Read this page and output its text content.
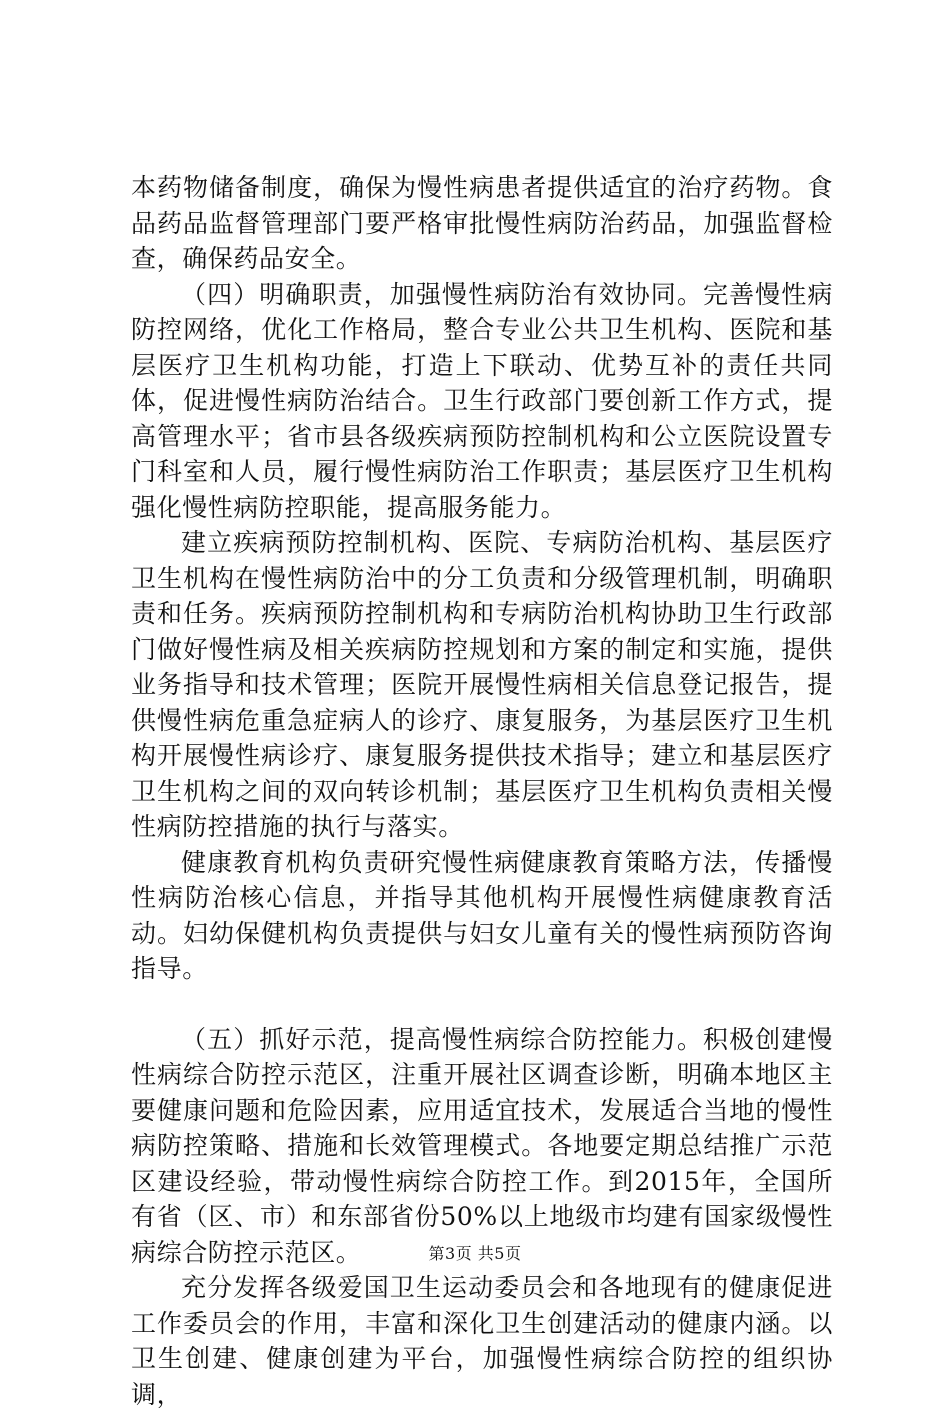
本药物储备制度，确保为慢性病患者提供适宜的治疗药物。食品药品监督管理部门要严格审批慢性病防治药品，加强监督检查，确保药品安全。

（四）明确职责，加强慢性病防治有效协同。完善慢性病防控网络，优化工作格局，整合专业公共卫生机构、医院和基层医疗卫生机构功能，打造上下联动、优势互补的责任共同体，促进慢性病防治结合。卫生行政部门要创新工作方式，提高管理水平；省市县各级疾病预防控制机构和公立医院设置专门科室和人员，履行慢性病防治工作职责；基层医疗卫生机构强化慢性病防控职能，提高服务能力。

建立疾病预防控制机构、医院、专病防治机构、基层医疗卫生机构在慢性病防治中的分工负责和分级管理机制，明确职责和任务。疾病预防控制机构和专病防治机构协助卫生行政部门做好慢性病及相关疾病防控规划和方案的制定和实施，提供业务指导和技术管理；医院开展慢性病相关信息登记报告，提供慢性病危重急症病人的诊疗、康复服务，为基层医疗卫生机构开展慢性病诊疗、康复服务提供技术指导；建立和基层医疗卫生机构之间的双向转诊机制；基层医疗卫生机构负责相关慢性病防控措施的执行与落实。

健康教育机构负责研究慢性病健康教育策略方法，传播慢性病防治核心信息，并指导其他机构开展慢性病健康教育活动。妇幼保健机构负责提供与妇女儿童有关的慢性病预防咨询指导。

（五）抓好示范，提高慢性病综合防控能力。积极创建慢性病综合防控示范区，注重开展社区调查诊断，明确本地区主要健康问题和危险因素，应用适宜技术，发展适合当地的慢性病防控策略、措施和长效管理模式。各地要定期总结推广示范区建设经验，带动慢性病综合防控工作。到2015年，全国所有省（区、市）和东部省份50%以上地级市均建有国家级慢性病综合防控示范区。

充分发挥各级爱国卫生运动委员会和各地现有的健康促进工作委员会的作用，丰富和深化卫生创建活动的健康内涵。以卫生创建、健康创建为平台，加强慢性病综合防控的组织协调，

第3页 共5页
